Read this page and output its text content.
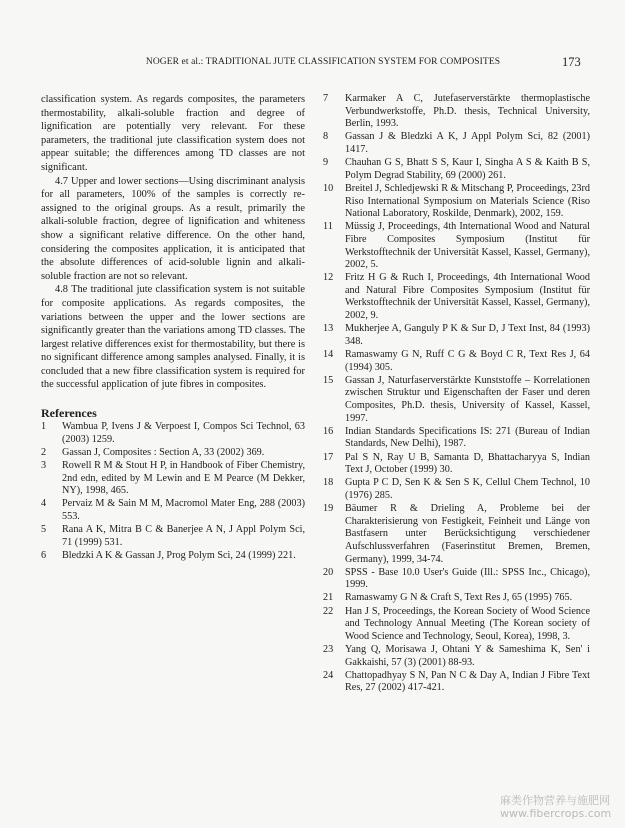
NOGER et al.: TRADITIONAL JUTE CLASSIFICATION SYSTEM FOR COMPOSITES	173

classification system. As regards composites, the parameters thermostability, alkali-soluble fraction and degree of lignification are potentially very relevant. For these parameters, the traditional jute classification system does not appear suitable; the differences among TD classes are not significant.

4.7 Upper and lower sections—Using discriminant analysis for all parameters, 100% of the samples is correctly re-assigned to the original groups. As a result, primarily the alkali-soluble fraction, degree of lignification and whiteness show a significant relative difference. On the other hand, considering the composites application, it is anticipated that the absolute differences of acid-soluble lignin and alkali-soluble fraction are not so relevant.

4.8 The traditional jute classification system is not suitable for composite applications. As regards composites, the variations between the upper and the lower sections are significantly greater than the variations among TD classes. The largest relative differences exist for thermostability, but there is no significant difference among samples analysed. Finally, it is concluded that a new fibre classification system is required for the successful application of jute fibres in composites.

References

1	Wambua P, Ivens J & Verpoest I, Compos Sci Technol, 63 (2003) 1259.
2	Gassan J, Composites : Section A, 33 (2002) 369.
3	Rowell R M & Stout H P, in Handbook of Fiber Chemistry, 2nd edn, edited by M Lewin and E M Pearce (M Dekker, NY), 1998, 465.
4	Pervaiz M & Sain M M, Macromol Mater Eng, 288 (2003) 553.
5	Rana A K, Mitra B C & Banerjee A N, J Appl Polym Sci, 71 (1999) 531.
6	Bledzki A K & Gassan J, Prog Polym Sci, 24 (1999) 221.
7	Karmaker A C, Jutefaserverstärkte thermoplastische Verbundwerkstoffe, Ph.D. thesis, Technical University, Berlin, 1993.
8	Gassan J & Bledzki A K, J Appl Polym Sci, 82 (2001) 1417.
9	Chauhan G S, Bhatt S S, Kaur I, Singha A S & Kaith B S, Polym Degrad Stability, 69 (2000) 261.
10	Breitel J, Schledjewski R & Mitschang P, Proceedings, 23rd Riso International Symposium on Materials Science (Riso National Laboratory, Roskilde, Denmark), 2002, 159.
11	Müssig J, Proceedings, 4th International Wood and Natural Fibre Composites Symposium (Institut für Werkstofftechnik der Universität Kassel, Kassel, Germany), 2002, 5.
12	Fritz H G & Ruch I, Proceedings, 4th International Wood and Natural Fibre Composites Symposium (Institut für Werkstofftechnik der Universität Kassel, Kassel, Germany), 2002, 9.
13	Mukherjee A, Ganguly P K & Sur D, J Text Inst, 84 (1993) 348.
14	Ramaswamy G N, Ruff C G & Boyd C R, Text Res J, 64 (1994) 305.
15	Gassan J, Naturfaserverstärkte Kunststoffe – Korrelationen zwischen Struktur und Eigenschaften der Faser und deren Composites, Ph.D. thesis, University of Kassel, Kassel, 1997.
16	Indian Standards Specifications IS: 271 (Bureau of Indian Standards, New Delhi), 1987.
17	Pal S N, Ray U B, Samanta D, Bhattacharyya S, Indian Text J, October (1999) 30.
18	Gupta P C D, Sen K & Sen S K, Cellul Chem Technol, 10 (1976) 285.
19	Bäumer R & Drieling A, Probleme bei der Charakterisierung von Festigkeit, Feinheit und Länge von Bastfasern unter Berücksichtigung verschiedener Aufschlussverfahren (Faserinstitut Bremen, Bremen, Germany), 1999, 34-74.
20	SPSS - Base 10.0 User's Guide (Ill.: SPSS Inc., Chicago), 1999.
21	Ramaswamy G N & Craft S, Text Res J, 65 (1995) 765.
22	Han J S, Proceedings, the Korean Society of Wood Science and Technology Annual Meeting (The Korean society of Wood Science and Technology, Seoul, Korea), 1998, 3.
23	Yang Q, Morisawa J, Ohtani Y & Sameshima K, Sen' i Gakkaishi, 57 (3) (2001) 88-93.
24	Chattopadhyay S N, Pan N C & Day A, Indian J Fibre Text Res, 27 (2002) 417-421.
麻类作物营养与施肥网
www.fibercrops.com
